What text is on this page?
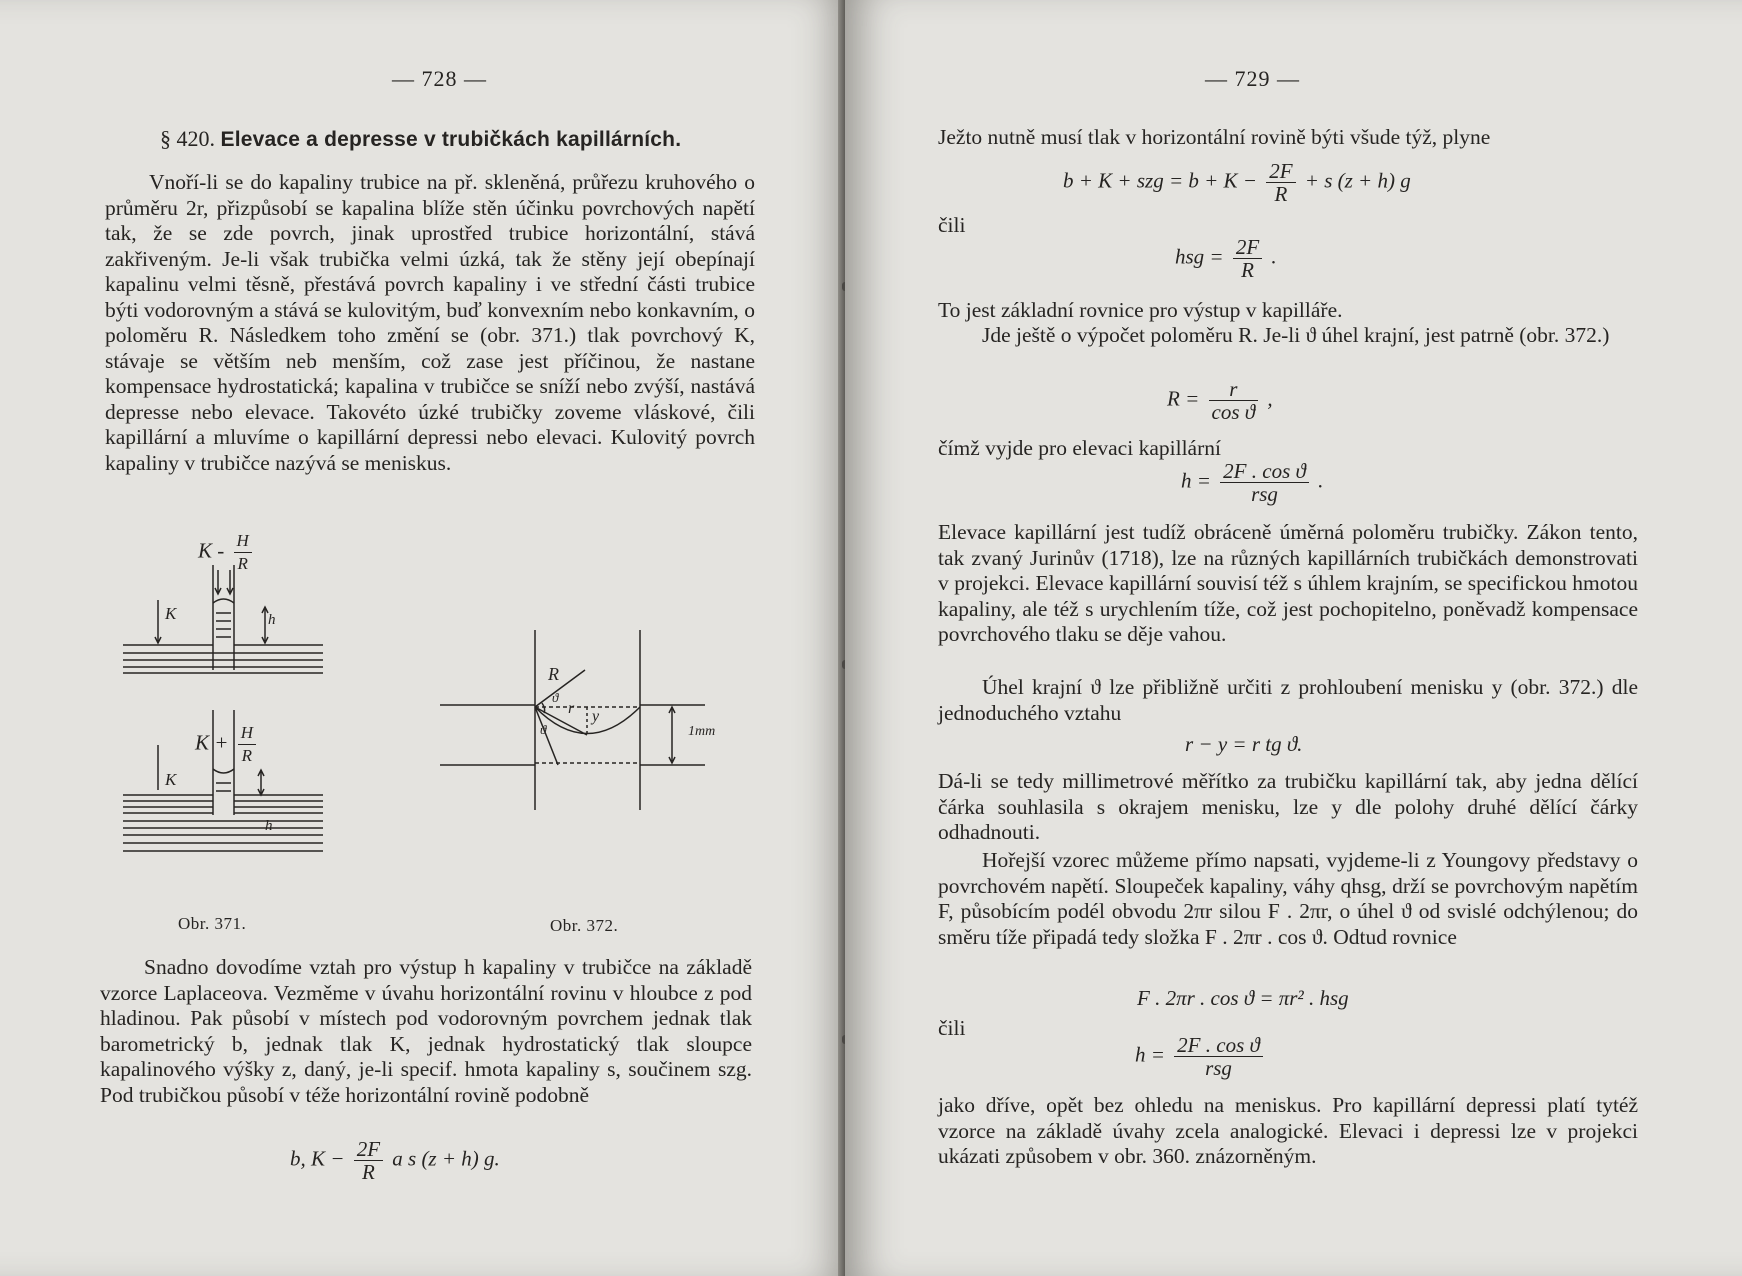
— 728 —
§ 420. Elevace a depresse v trubičkách kapillárních.
Vnoří-li se do kapaliny trubice na př. skleněná, průřezu kruhového o průměru 2r, přizpůsobí se kapalina blíže stěn účinku povrchových napětí tak, že se zde povrch, jinak uprostřed trubice horizontální, stává zakřiveným. Je-li však trubička velmi úzká, tak že stěny její obepínají kapalinu velmi těsně, přestává povrch kapaliny i ve střední části trubice býti vodorovným a stává se kulovitým, buď konvexním nebo konkavním, o poloměru R. Následkem toho změní se (obr. 371.) tlak povrchový K, stávaje se větším neb menším, což zase jest příčinou, že nastane kompensace hydrostatická; kapalina v trubičce se sníží nebo zvýší, nastává depresse nebo elevace. Takovéto úzké trubičky zoveme vláskové, čili kapillární a mluvíme o kapillární depressi nebo elevaci. Kulovitý povrch kapaliny v trubičce nazývá se meniskus.
K - $\frac{H}{R}$
K	h
$K + \frac{H}{R}$
K
h
Obr. 371.
R
ϑ
r y
ϑ	1mm
Obr. 372.
Snadno dovodíme vztah pro výstup h kapaliny v trubičce na základě vzorce Laplaceova. Vezměme v úvahu horizontální rovinu v hloubce z pod hladinou. Pak působí v místech pod vodorovným povrchem jednak tlak barometrický b, jednak tlak K, jednak hydrostatický tlak sloupce kapalinového výšky z, daný, je-li specif. hmota kapaliny s, součinem szg. Pod trubičkou působí v téže horizontální rovině podobně
b, $K - \frac{2F}{R}$ a s (z + h) g.
— 729 —
Ježto nutně musí tlak v horizontální rovině býti všude týž, plyne
b + K + szg = $b + K - \frac{2F}{R} + s$ (z + h) g
čili
hsg = $\frac{2F}{R}$ .
To jest základní rovnice pro výstup v kapilláře.
Jde ještě o výpočet poloměru R. Je-li ϑ úhel krajní, jest patrně (obr. 372.)
$R = \frac{r}{\text{cos ϑ}}$ ,
čímž vyjde pro elevaci kapillární
$h = \frac{\text{2F . cos ϑ}}{\text{rsg}}$ .
Elevace kapillární jest tudíž obráceně úměrná poloměru trubičky. Zákon tento, tak zvaný Jurinův (1718), lze na různých kapillárních trubičkách demonstrovati v projekci. Elevace kapillární souvisí též s úhlem krajním, se specifickou hmotou kapaliny, ale též s urychlením tíže, což jest pochopitelno, poněvadž kompensace povrchového tlaku se děje vahou.
Úhel krajní ϑ lze přibližně určiti z prohloubení menisku y (obr. 372.) dle jednoduchého vztahu
r − y = r tg ϑ.
Dá-li se tedy millimetrové měřítko za trubičku kapillární tak, aby jedna dělící čárka souhlasila s okrajem menisku, lze y dle polohy druhé dělící čárky odhadnouti.
Hořejší vzorec můžeme přímo napsati, vyjdeme-li z Youngovy představy o povrchovém napětí. Sloupeček kapaliny, váhy qhsg, drží se povrchovým napětím F, působícím podél obvodu 2πr silou F . 2πr, o úhel ϑ od svislé odchýlenou; do směru tíže připadá tedy složka F . 2πr . cos ϑ. Odtud rovnice
F . 2πr . cos ϑ = πr² . hsg
čili
$h = \frac{\text{2F . cos ϑ}}{\text{rsg}}$
jako dříve, opět bez ohledu na meniskus. Pro kapillární depressi platí tytéž vzorce na základě úvahy zcela analogické. Elevaci i depressi lze v projekci ukázati způsobem v obr. 360. znázorněným.
